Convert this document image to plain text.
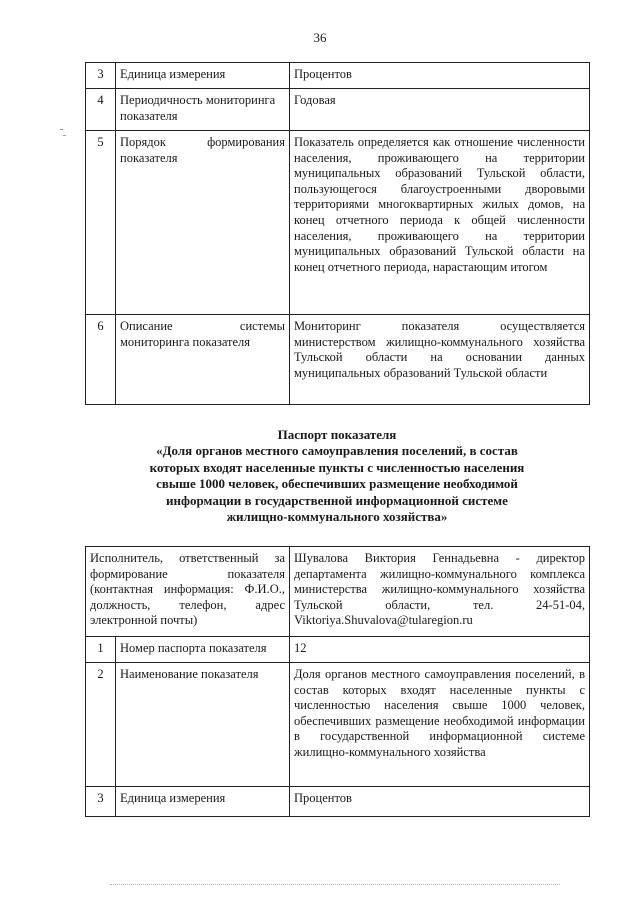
36
3	Единица измерения	Процентов
4	Периодичность мониторинга показателя	Годовая
5	Порядок формирования показателя	Показатель определяется как отношение численности населения, проживающего на территории муниципальных образований Тульской области, пользующегося благоустроенными дворовыми территориями многоквартирных жилых домов, на конец отчетного периода к общей численности населения, проживающего на территории муниципальных образований Тульской области на конец отчетного периода, нарастающим итогом
6	Описание системы мониторинга показателя	Мониторинг показателя осуществляется министерством жилищно-коммунального хозяйства Тульской области на основании данных муниципальных образований Тульской области
Паспорт показателя
«Доля органов местного самоуправления поселений, в состав
которых входят населенные пункты с численностью населения
свыше 1000 человек, обеспечивших размещение необходимой
информации в государственной информационной системе
жилищно-коммунального хозяйства»
Исполнитель, ответственный за формирование показателя (контактная информация: Ф.И.О., должность, телефон, адрес электронной почты)		Шувалова Виктория Геннадьевна - директор департамента жилищно-коммунального комплекса министерства жилищно-коммунального хозяйства Тульской области, тел. 24-51-04, Viktoriya.Shuvalova@tularegion.ru
1	Номер паспорта показателя	12
2	Наименование показателя	Доля органов местного самоуправления поселений, в состав которых входят населенные пункты с численностью населения свыше 1000 человек, обеспечивших размещение необходимой информации в государственной информационной системе жилищно-коммунального хозяйства
3	Единица измерения	Процентов
